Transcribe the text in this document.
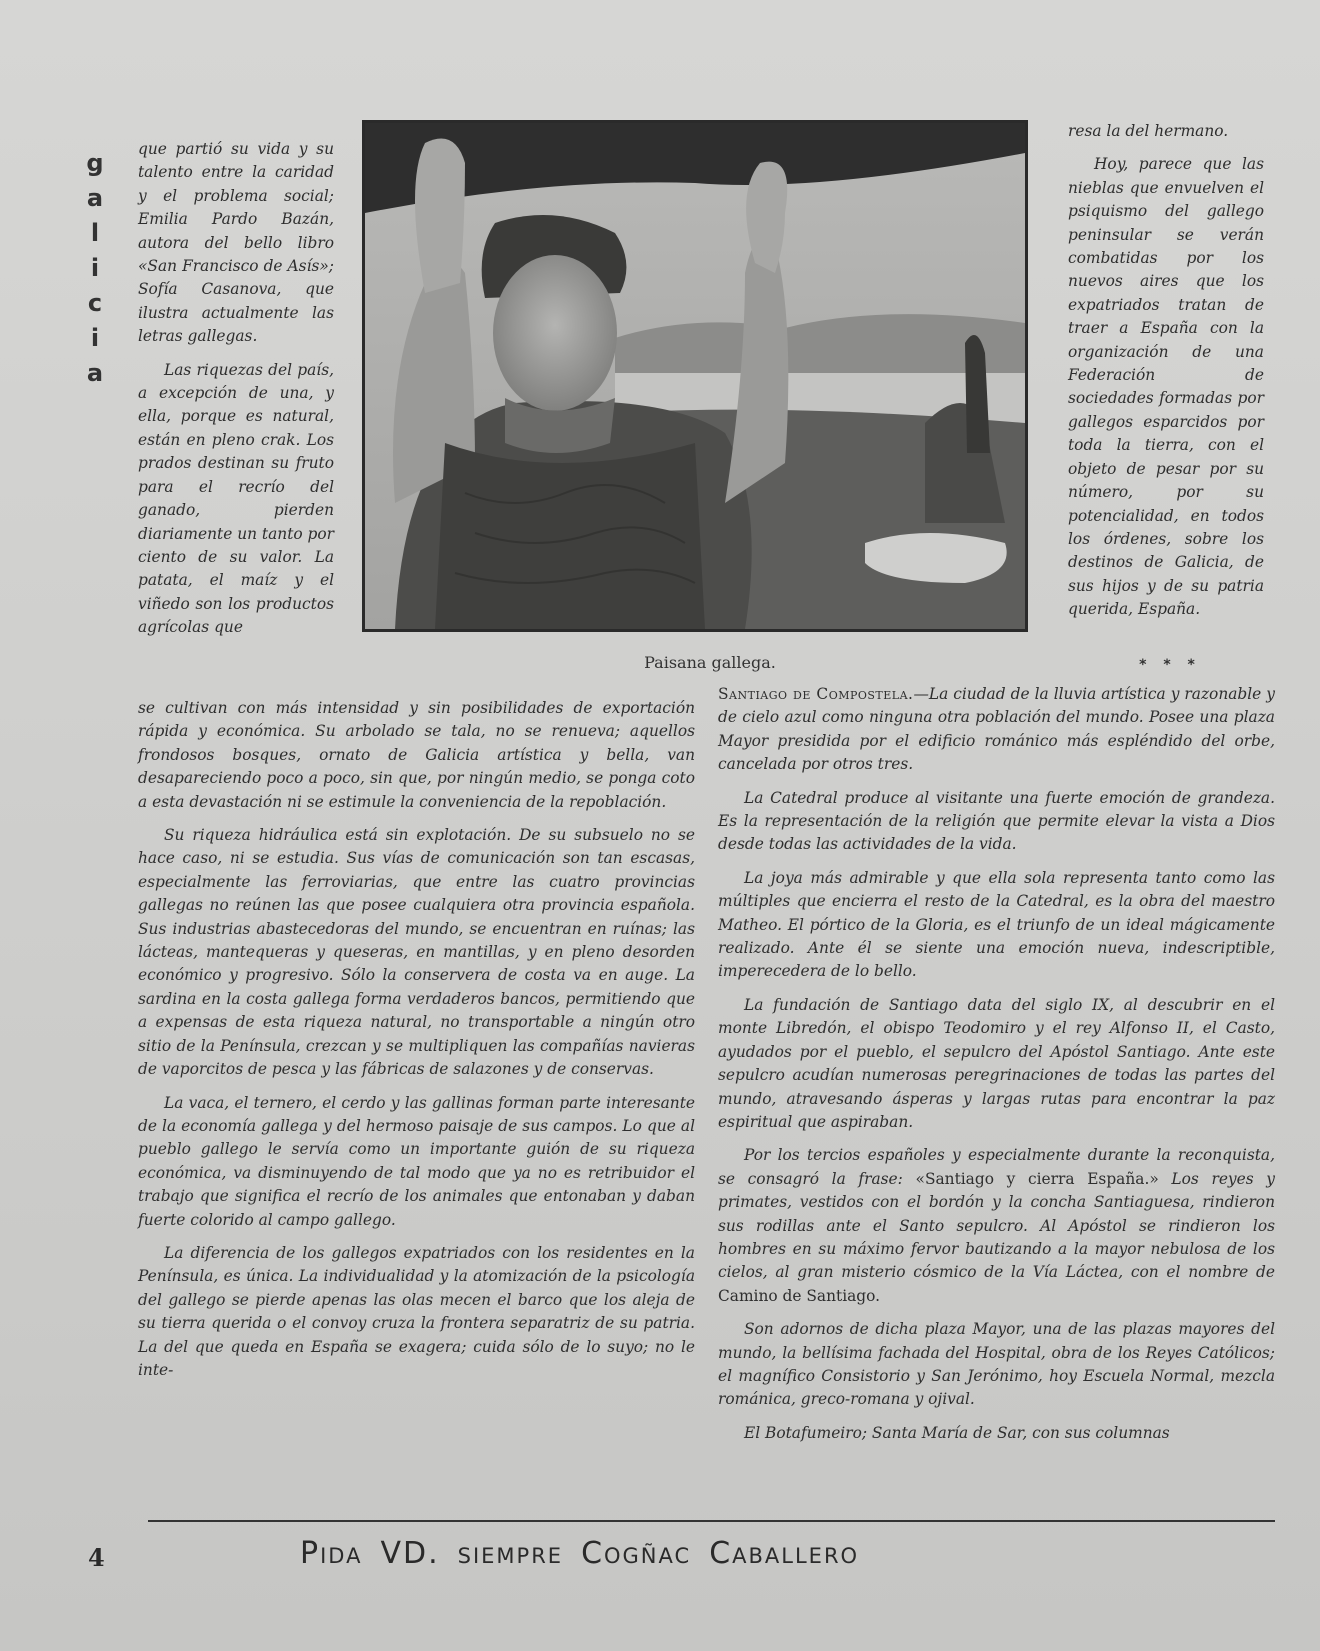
g
a
l
i
c
i
a

que partió su vida y su talento entre la caridad y el problema social; Emilia Pardo Bazán, autora del bello libro «San Francisco de Asís»; Sofía Casanova, que ilustra actualmente las letras gallegas.

Las riquezas del país, a excepción de una, y ella, porque es natural, están en pleno crak. Los prados destinan su fruto para el recrío del ganado, pierden diariamente un tanto por ciento de su valor. La patata, el maíz y el viñedo son los productos agrícolas que

Paisana gallega.

resa la del hermano.

Hoy, parece que las nieblas que envuelven el psiquismo del gallego peninsular se verán combatidas por los nuevos aires que los expatriados tratan de traer a España con la organización de una Federación de sociedades formadas por gallegos esparcidos por toda la tierra, con el objeto de pesar por su número, por su potencialidad, en todos los órdenes, sobre los destinos de Galicia, de sus hijos y de su patria querida, España.

* * *

se cultivan con más intensidad y sin posibilidades de exportación rápida y económica. Su arbolado se tala, no se renueva; aquellos frondosos bosques, ornato de Galicia artística y bella, van desapareciendo poco a poco, sin que, por ningún medio, se ponga coto a esta devastación ni se estimule la conveniencia de la repoblación.

Su riqueza hidráulica está sin explotación. De su subsuelo no se hace caso, ni se estudia. Sus vías de comunicación son tan escasas, especialmente las ferroviarias, que entre las cuatro provincias gallegas no reúnen las que posee cualquiera otra provincia española. Sus industrias abastecedoras del mundo, se encuentran en ruínas; las lácteas, mantequeras y queseras, en mantillas, y en pleno desorden económico y progresivo. Sólo la conservera de costa va en auge. La sardina en la costa gallega forma verdaderos bancos, permitiendo que a expensas de esta riqueza natural, no transportable a ningún otro sitio de la Península, crezcan y se multipliquen las compañías navieras de vaporcitos de pesca y las fábricas de salazones y de conservas.

La vaca, el ternero, el cerdo y las gallinas forman parte interesante de la economía gallega y del hermoso paisaje de sus campos. Lo que al pueblo gallego le servía como un importante guión de su riqueza económica, va disminuyendo de tal modo que ya no es retribuidor el trabajo que significa el recrío de los animales que entonaban y daban fuerte colorido al campo gallego.

La diferencia de los gallegos expatriados con los residentes en la Península, es única. La individualidad y la atomización de la psicología del gallego se pierde apenas las olas mecen el barco que los aleja de su tierra querida o el convoy cruza la frontera separatriz de su patria. La del que queda en España se exagera; cuida sólo de lo suyo; no le inte-

Santiago de Compostela.—La ciudad de la lluvia artística y razonable y de cielo azul como ninguna otra población del mundo. Posee una plaza Mayor presidida por el edificio románico más espléndido del orbe, cancelada por otros tres.

La Catedral produce al visitante una fuerte emoción de grandeza. Es la representación de la religión que permite elevar la vista a Dios desde todas las actividades de la vida.

La joya más admirable y que ella sola representa tanto como las múltiples que encierra el resto de la Catedral, es la obra del maestro Matheo. El pórtico de la Gloria, es el triunfo de un ideal mágicamente realizado. Ante él se siente una emoción nueva, indescriptible, imperecedera de lo bello.

La fundación de Santiago data del siglo IX, al descubrir en el monte Libredón, el obispo Teodomiro y el rey Alfonso II, el Casto, ayudados por el pueblo, el sepulcro del Apóstol Santiago. Ante este sepulcro acudían numerosas peregrinaciones de todas las partes del mundo, atravesando ásperas y largas rutas para encontrar la paz espiritual que aspiraban.

Por los tercios españoles y especialmente durante la reconquista, se consagró la frase: «Santiago y cierra España.» Los reyes y primates, vestidos con el bordón y la concha Santiaguesa, rindieron sus rodillas ante el Santo sepulcro. Al Apóstol se rindieron los hombres en su máximo fervor bautizando a la mayor nebulosa de los cielos, al gran misterio cósmico de la Vía Láctea, con el nombre de Camino de Santiago.

Son adornos de dicha plaza Mayor, una de las plazas mayores del mundo, la bellísima fachada del Hospital, obra de los Reyes Católicos; el magnífico Consistorio y San Jerónimo, hoy Escuela Normal, mezcla románica, greco-romana y ojival.

El Botafumeiro; Santa María de Sar, con sus columnas

4	Pida VD. siempre Cogñac Caballero
